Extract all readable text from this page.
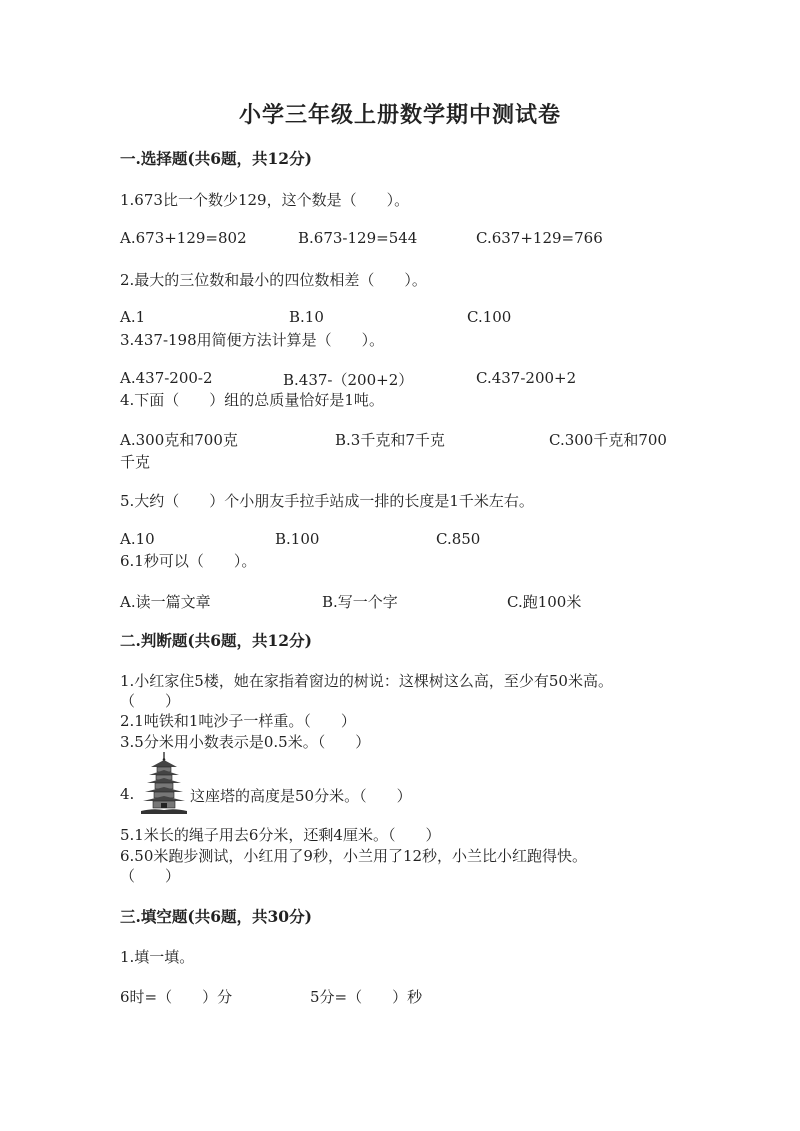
小学三年级上册数学期中测试卷
一.选择题(共6题，共12分)
1.673比一个数少129，这个数是（　　）。
A.673+129=802	B.673-129=544	C.637+129=766
2.最大的三位数和最小的四位数相差（　　）。
A.1	B.10	C.100
3.437-198用简便方法计算是（　　）。
A.437-200-2	B.437-（200+2）	C.437-200+2
4.下面（　　）组的总质量恰好是1吨。
A.300克和700克	B.3千克和7千克	C.300千克和700
千克
5.大约（　　）个小朋友手拉手站成一排的长度是1千米左右。
A.10	B.100	C.850
6.1秒可以（　　）。
A.读一篇文章	B.写一个字	C.跑100米
二.判断题(共6题，共12分)
1.小红家住5楼，她在家指着窗边的树说：这棵树这么高，至少有50米高。
（　　）
2.1吨铁和1吨沙子一样重。（　　）
3.5分米用小数表示是0.5米。（　　）
4.	这座塔的高度是50分米。（　　）
5.1米长的绳子用去6分米，还剩4厘米。（　　）
6.50米跑步测试，小红用了9秒，小兰用了12秒，小兰比小红跑得快。
（　　）
三.填空题(共6题，共30分)
1.填一填。
6时=（　　）分	5分=（　　）秒
